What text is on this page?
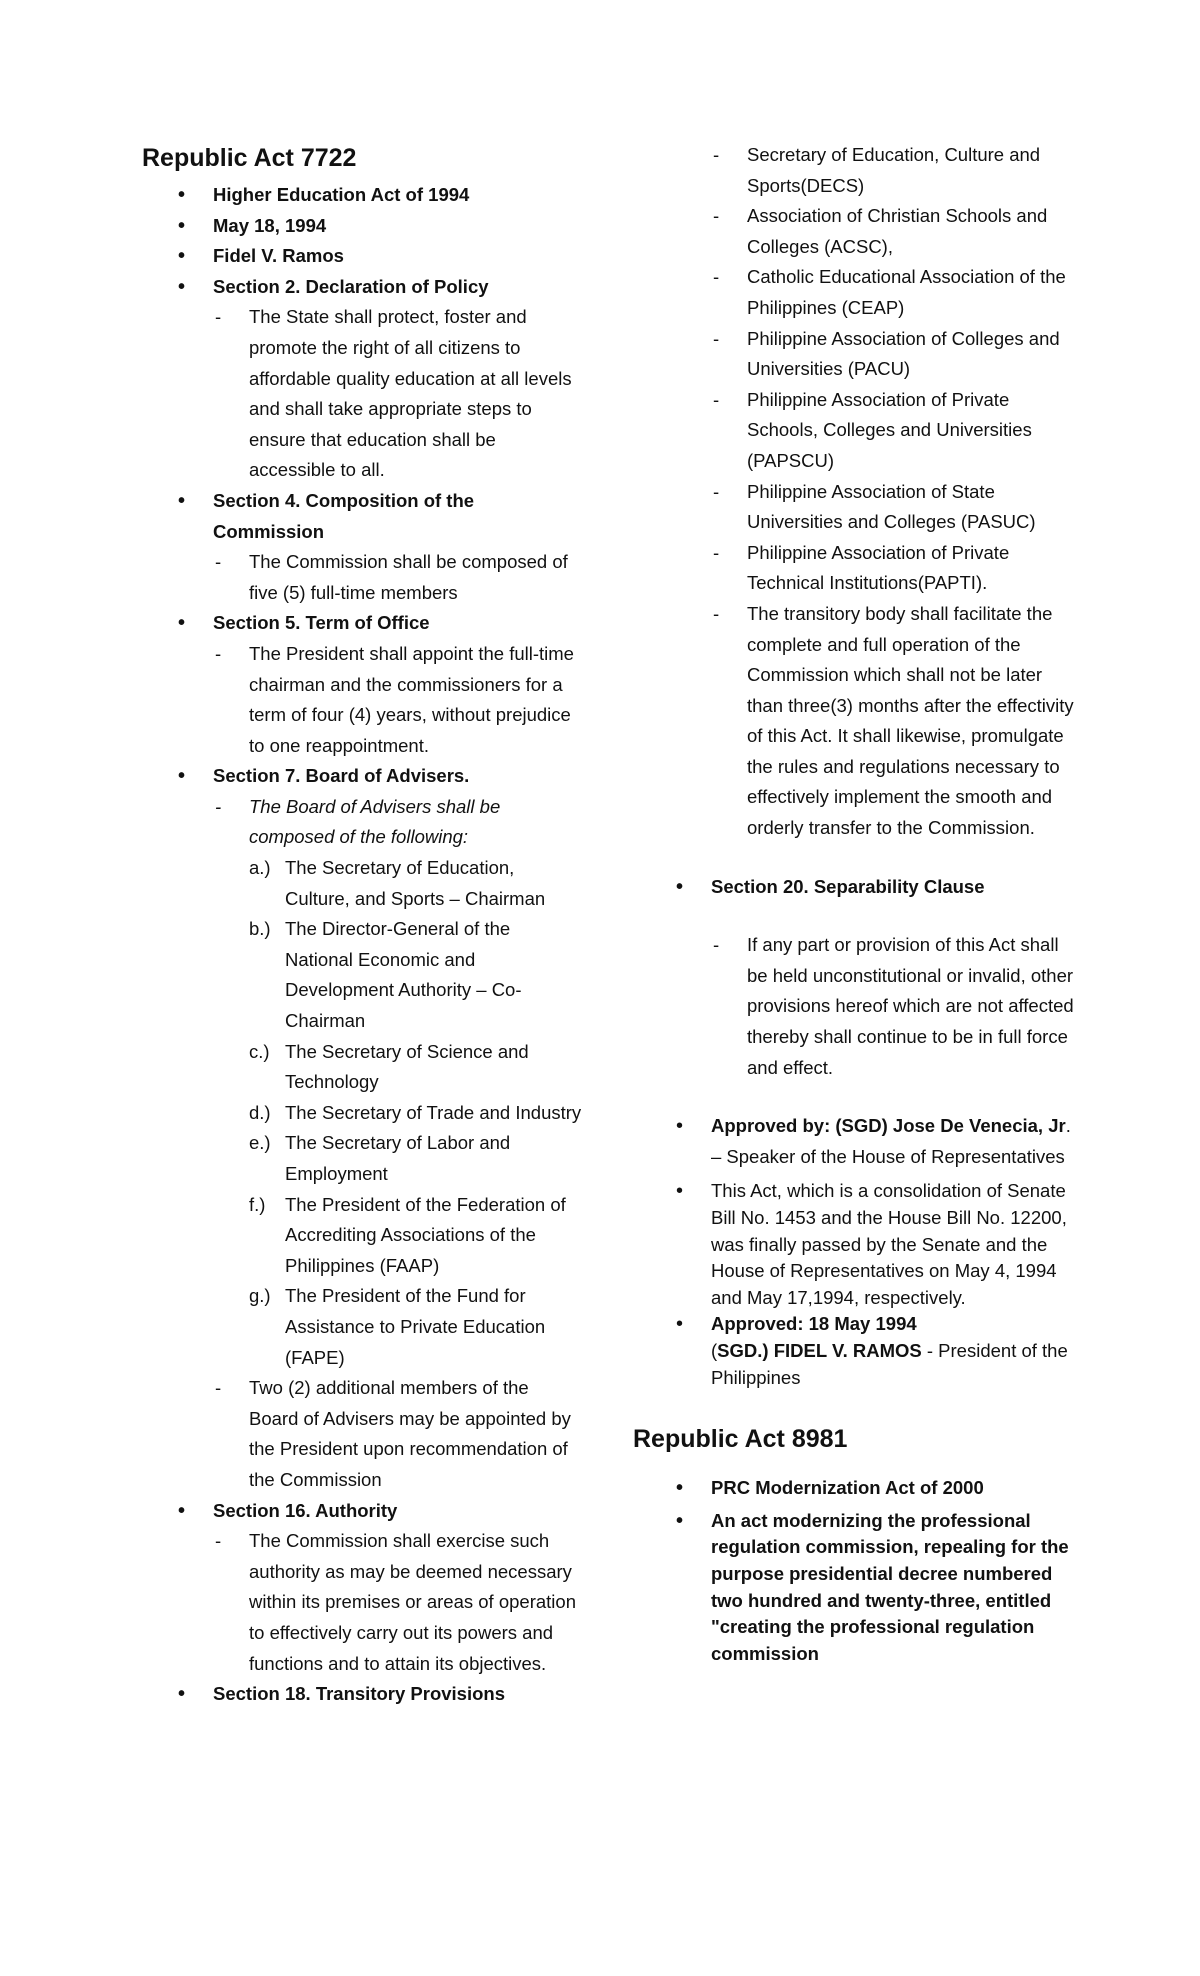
Republic Act 7722
• Higher Education Act of 1994
• May 18, 1994
• Fidel V. Ramos
• Section 2. Declaration of Policy
- The State shall protect, foster and promote the right of all citizens to affordable quality education at all levels and shall take appropriate steps to ensure that education shall be accessible to all.
• Section 4. Composition of the Commission
- The Commission shall be composed of five (5) full-time members
• Section 5. Term of Office
- The President shall appoint the full-time chairman and the commissioners for a term of four (4) years, without prejudice to one reappointment.
• Section 7. Board of Advisers.
- The Board of Advisers shall be composed of the following:
a.) The Secretary of Education, Culture, and Sports – Chairman
b.) The Director-General of the National Economic and Development Authority – Co-Chairman
c.) The Secretary of Science and Technology
d.) The Secretary of Trade and Industry
e.) The Secretary of Labor and Employment
f.) The President of the Federation of Accrediting Associations of the Philippines (FAAP)
g.) The President of the Fund for Assistance to Private Education (FAPE)
- Two (2) additional members of the Board of Advisers may be appointed by the President upon recommendation of the Commission
• Section 16. Authority
- The Commission shall exercise such authority as may be deemed necessary within its premises or areas of operation to effectively carry out its powers and functions and to attain its objectives.
• Section 18. Transitory Provisions
- Secretary of Education, Culture and Sports(DECS)
- Association of Christian Schools and Colleges (ACSC),
- Catholic Educational Association of the Philippines (CEAP)
- Philippine Association of Colleges and Universities (PACU)
- Philippine Association of Private Schools, Colleges and Universities (PAPSCU)
- Philippine Association of State Universities and Colleges (PASUC)
- Philippine Association of Private Technical Institutions(PAPTI).
- The transitory body shall facilitate the complete and full operation of the Commission which shall not be later than three(3) months after the effectivity of this Act. It shall likewise, promulgate the rules and regulations necessary to effectively implement the smooth and orderly transfer to the Commission.
• Section 20. Separability Clause
- If any part or provision of this Act shall be held unconstitutional or invalid, other provisions hereof which are not affected thereby shall continue to be in full force and effect.
• Approved by: (SGD) Jose De Venecia, Jr. – Speaker of the House of Representatives
• This Act, which is a consolidation of Senate Bill No. 1453 and the House Bill No. 12200, was finally passed by the Senate and the House of Representatives on May 4, 1994 and May 17,1994, respectively.
• Approved: 18 May 1994
(SGD.) FIDEL V. RAMOS - President of the Philippines
Republic Act 8981
• PRC Modernization Act of 2000
• An act modernizing the professional regulation commission, repealing for the purpose presidential decree numbered two hundred and twenty-three, entitled "creating the professional regulation commission
